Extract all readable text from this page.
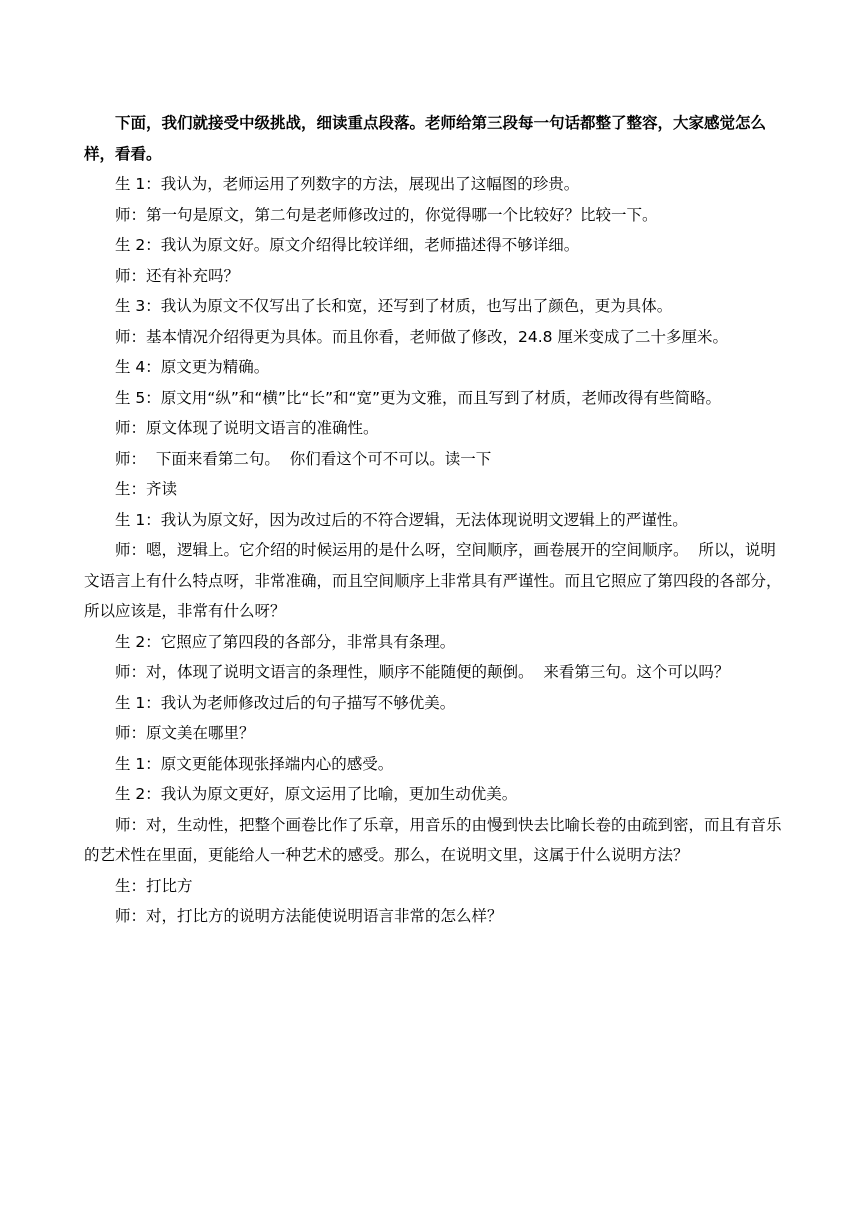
下面，我们就接受中级挑战，细读重点段落。老师给第三段每一句话都整了整容，大家感觉怎么样，看看。

生 1：我认为，老师运用了列数字的方法，展现出了这幅图的珍贵。

师：第一句是原文，第二句是老师修改过的，你觉得哪一个比较好？比较一下。

生 2：我认为原文好。原文介绍得比较详细，老师描述得不够详细。

师：还有补充吗？

生 3：我认为原文不仅写出了长和宽，还写到了材质，也写出了颜色，更为具体。

师：基本情况介绍得更为具体。而且你看，老师做了修改，24.8 厘米变成了二十多厘米。

生 4：原文更为精确。

生 5：原文用“纵”和“横”比“长”和“宽”更为文雅，而且写到了材质，老师改得有些简略。

师：原文体现了说明文语言的准确性。

师：  下面来看第二句。  你们看这个可不可以。读一下

生：齐读

生 1：我认为原文好，因为改过后的不符合逻辑，无法体现说明文逻辑上的严谨性。

师：嗯，逻辑上。它介绍的时候运用的是什么呀，空间顺序，画卷展开的空间顺序。  所以，说明文语言上有什么特点呀，非常准确，而且空间顺序上非常具有严谨性。而且它照应了第四段的各部分，所以应该是，非常有什么呀？

生 2：它照应了第四段的各部分，非常具有条理。

师：对，体现了说明文语言的条理性，顺序不能随便的颠倒。  来看第三句。这个可以吗？

生 1：我认为老师修改过后的句子描写不够优美。

师：原文美在哪里？

生 1：原文更能体现张择端内心的感受。

生 2：我认为原文更好，原文运用了比喻，更加生动优美。

师：对，生动性，把整个画卷比作了乐章，用音乐的由慢到快去比喻长卷的由疏到密，而且有音乐的艺术性在里面，更能给人一种艺术的感受。那么，在说明文里，这属于什么说明方法？

生：打比方

师：对，打比方的说明方法能使说明语言非常的怎么样？
